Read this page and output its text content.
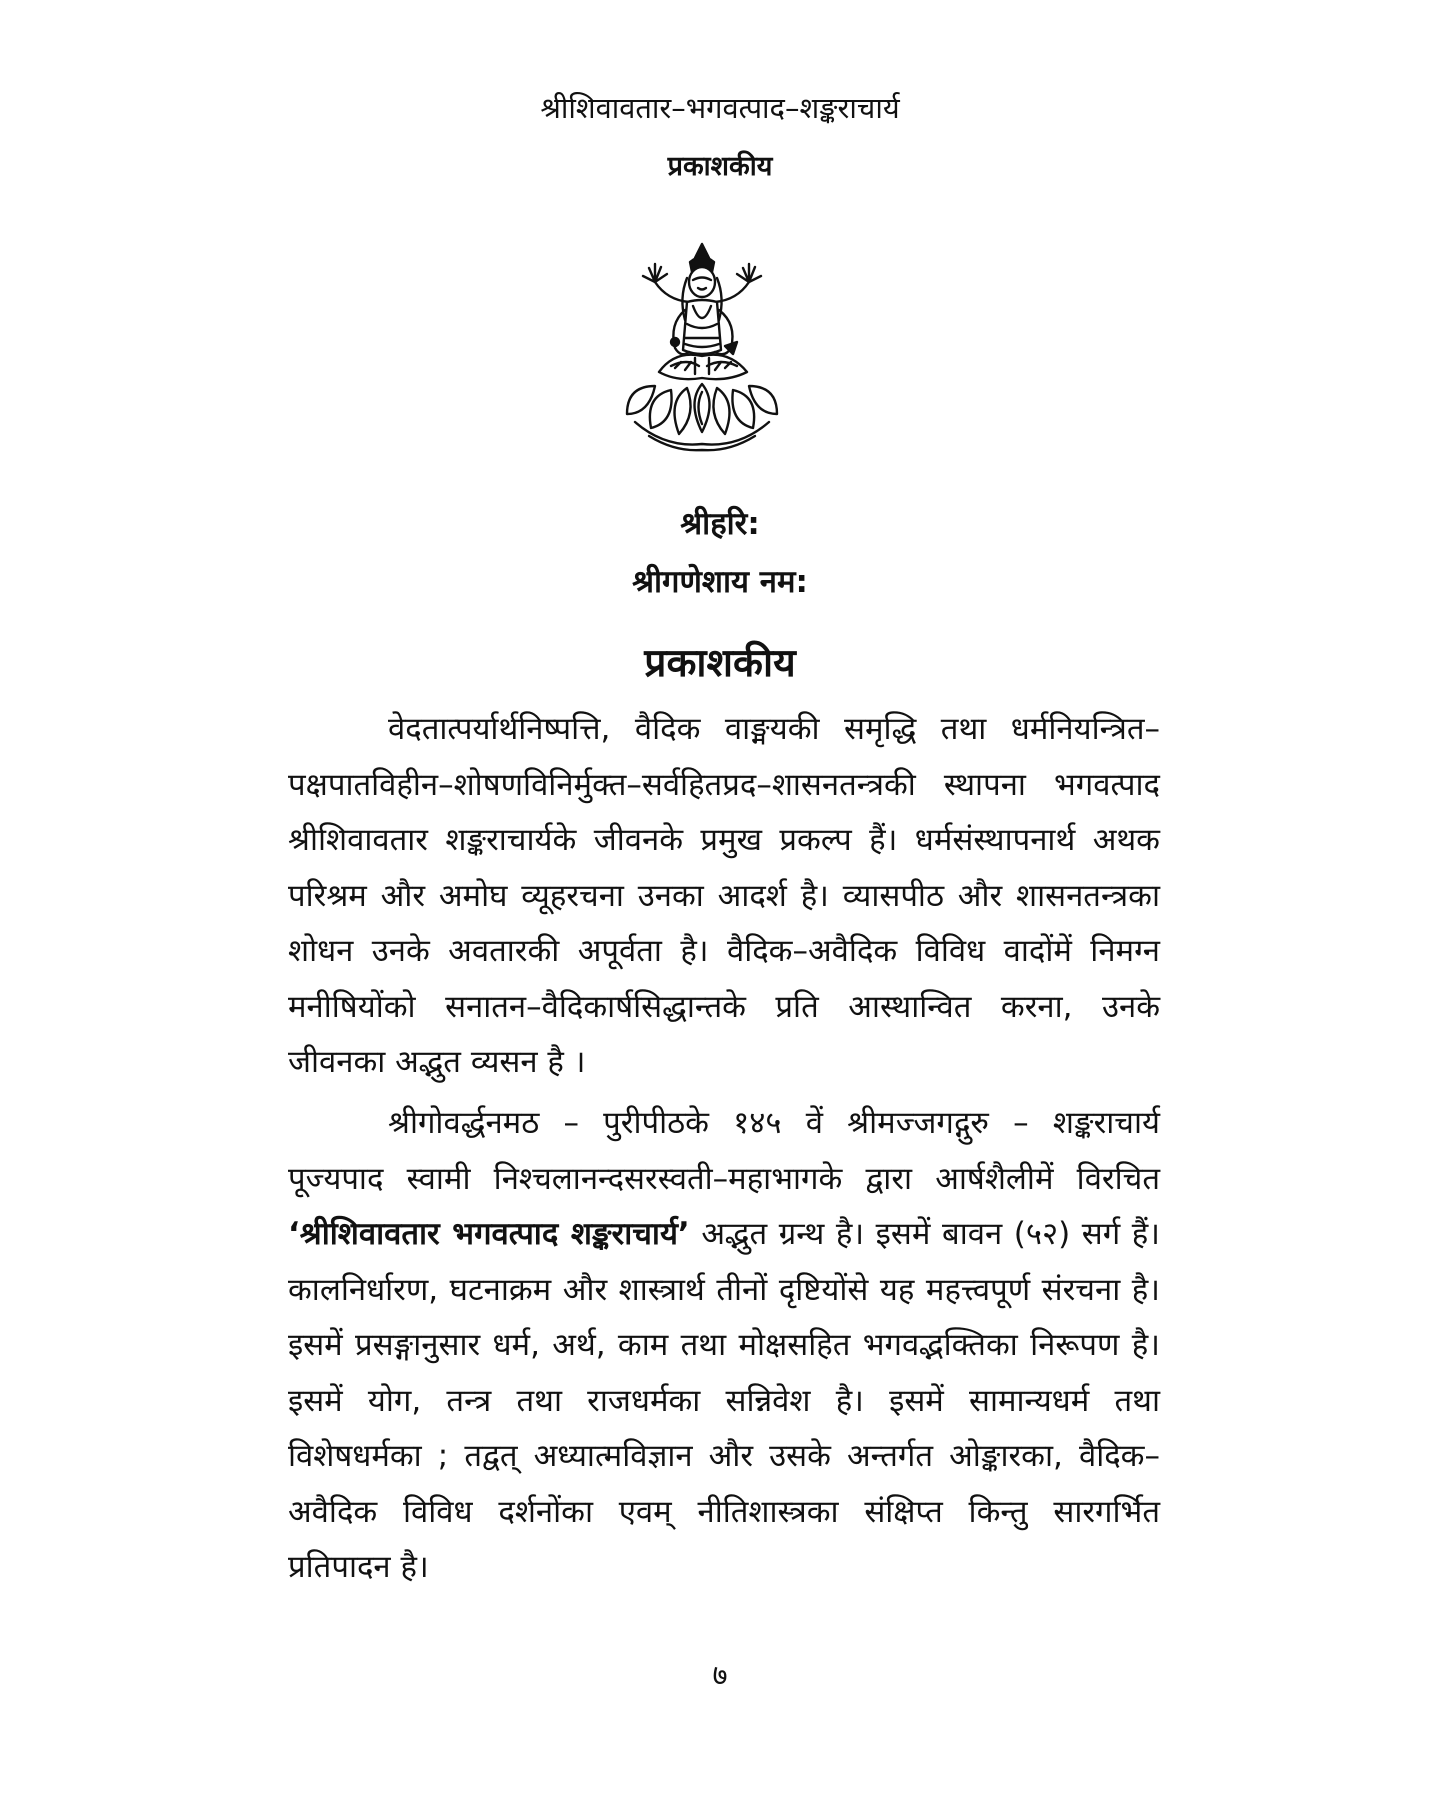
श्रीशिवावतार–भगवत्पाद–शङ्कराचार्य
प्रकाशकीय
श्रीहरि:
श्रीगणेशाय नम:
प्रकाशकीय

वेदतात्पर्यार्थनिष्पत्ति, वैदिक वाङ्मयकी समृद्धि तथा धर्मनियन्त्रित–पक्षपातविहीन–शोषणविनिर्मुक्त–सर्वहितप्रद–शासनतन्त्रकी स्थापना भगवत्पाद श्रीशिवावतार शङ्कराचार्यके जीवनके प्रमुख प्रकल्प हैं। धर्मसंस्थापनार्थ अथक परिश्रम और अमोघ व्यूहरचना उनका आदर्श है। व्यासपीठ और शासनतन्त्रका शोधन उनके अवतारकी अपूर्वता है। वैदिक–अवैदिक विविध वादोंमें निमग्न मनीषियोंको सनातन–वैदिकार्षसिद्धान्तके प्रति आस्थान्वित करना, उनके जीवनका अद्भुत व्यसन है ।

श्रीगोवर्द्धनमठ – पुरीपीठके १४५ वें श्रीमज्जगद्गुरु – शङ्कराचार्य पूज्यपाद स्वामी निश्चलानन्दसरस्वती–महाभागके द्वारा आर्षशैलीमें विरचित ‘श्रीशिवावतार भगवत्पाद शङ्कराचार्य’ अद्भुत ग्रन्थ है। इसमें बावन (५२) सर्ग हैं। कालनिर्धारण, घटनाक्रम और शास्त्रार्थ तीनों दृष्टियोंसे यह महत्त्वपूर्ण संरचना है। इसमें प्रसङ्गानुसार धर्म, अर्थ, काम तथा मोक्षसहित भगवद्भक्तिका निरूपण है। इसमें योग, तन्त्र तथा राजधर्मका सन्निवेश है। इसमें सामान्यधर्म तथा विशेषधर्मका ; तद्वत् अध्यात्मविज्ञान और उसके अन्तर्गत ओङ्कारका, वैदिक–अवैदिक विविध दर्शनोंका एवम् नीतिशास्त्रका संक्षिप्त किन्तु सारगर्भित प्रतिपादन है।

७
